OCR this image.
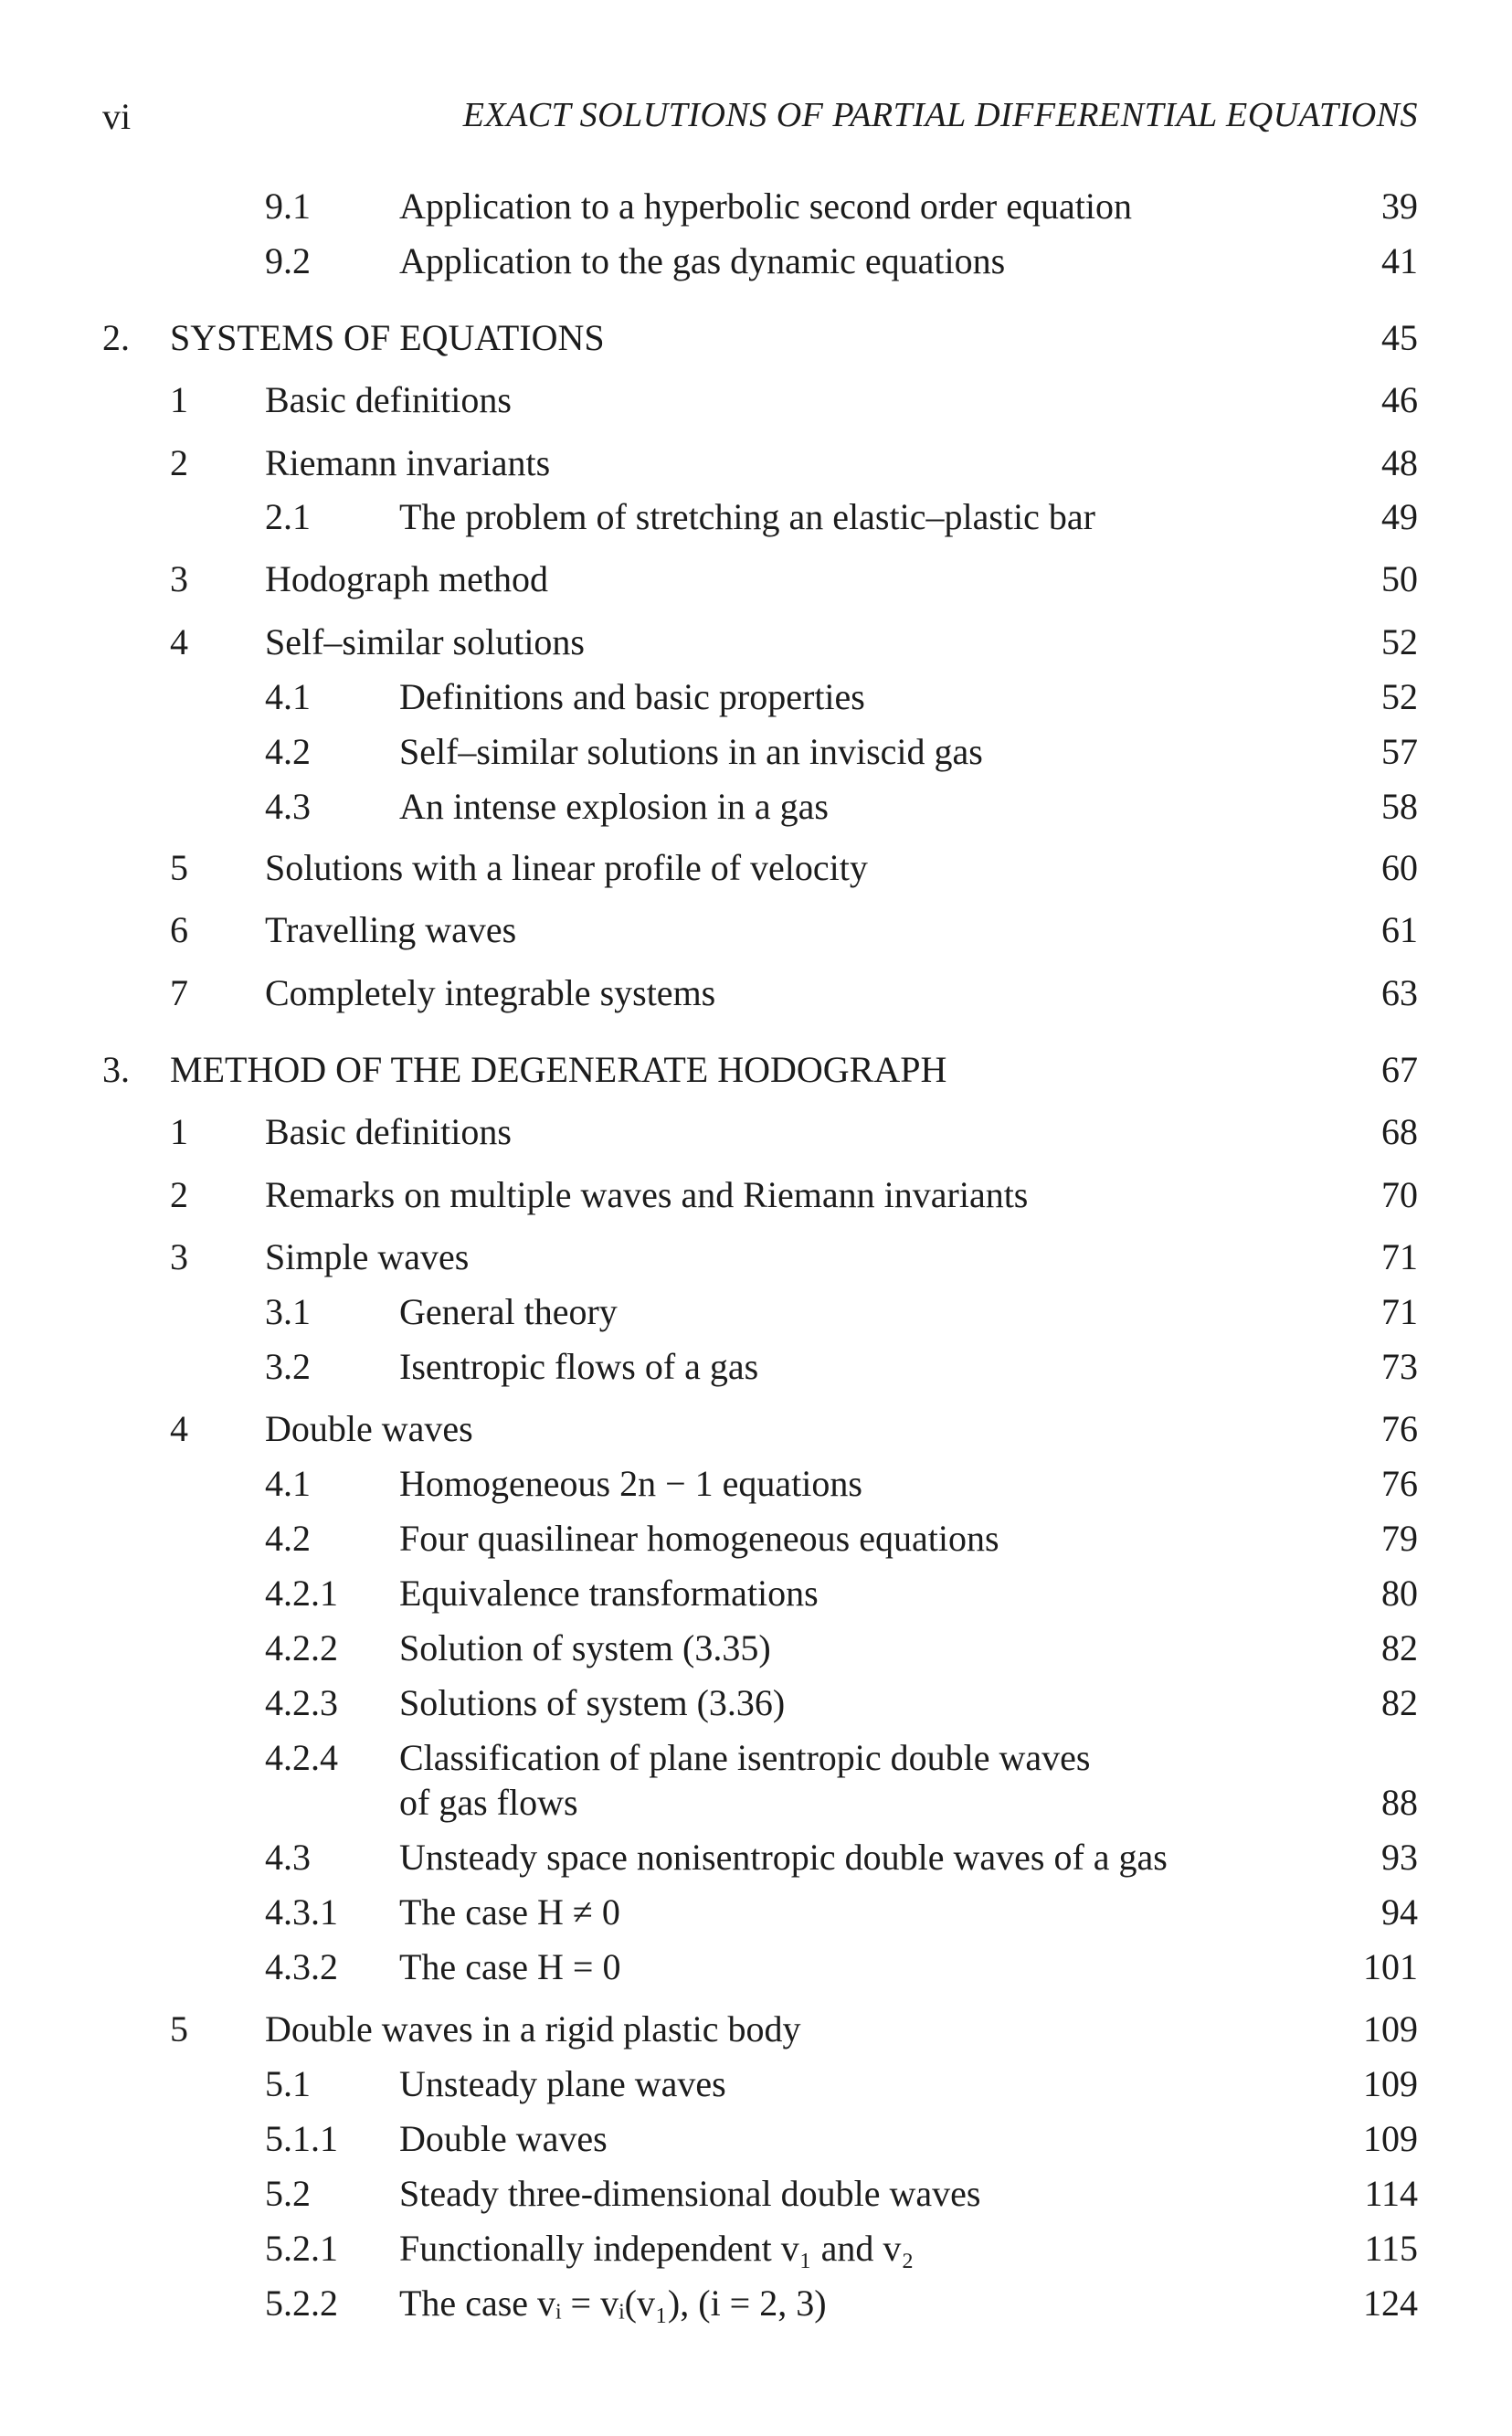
vi	EXACT SOLUTIONS OF PARTIAL DIFFERENTIAL EQUATIONS
9.1 Application to a hyperbolic second order equation	39
9.2 Application to the gas dynamic equations	41
2. SYSTEMS OF EQUATIONS	45
1 Basic definitions	46
2 Riemann invariants	48
2.1 The problem of stretching an elastic–plastic bar	49
3 Hodograph method	50
4 Self–similar solutions	52
4.1 Definitions and basic properties	52
4.2 Self–similar solutions in an inviscid gas	57
4.3 An intense explosion in a gas	58
5 Solutions with a linear profile of velocity	60
6 Travelling waves	61
7 Completely integrable systems	63
3. METHOD OF THE DEGENERATE HODOGRAPH	67
1 Basic definitions	68
2 Remarks on multiple waves and Riemann invariants	70
3 Simple waves	71
3.1 General theory	71
3.2 Isentropic flows of a gas	73
4 Double waves	76
4.1 Homogeneous 2n − 1 equations	76
4.2 Four quasilinear homogeneous equations	79
4.2.1 Equivalence transformations	80
4.2.2 Solution of system (3.35)	82
4.2.3 Solutions of system (3.36)	82
4.2.4 Classification of plane isentropic double waves
of gas flows	88
4.3 Unsteady space nonisentropic double waves of a gas	93
4.3.1 The case H ≠ 0	94
4.3.2 The case H = 0	101
5 Double waves in a rigid plastic body	109
5.1 Unsteady plane waves	109
5.1.1 Double waves	109
5.2 Steady three-dimensional double waves	114
5.2.1 Functionally independent v₁ and v₂	115
5.2.2 The case vᵢ = vᵢ(v₁), (i = 2, 3)	124
